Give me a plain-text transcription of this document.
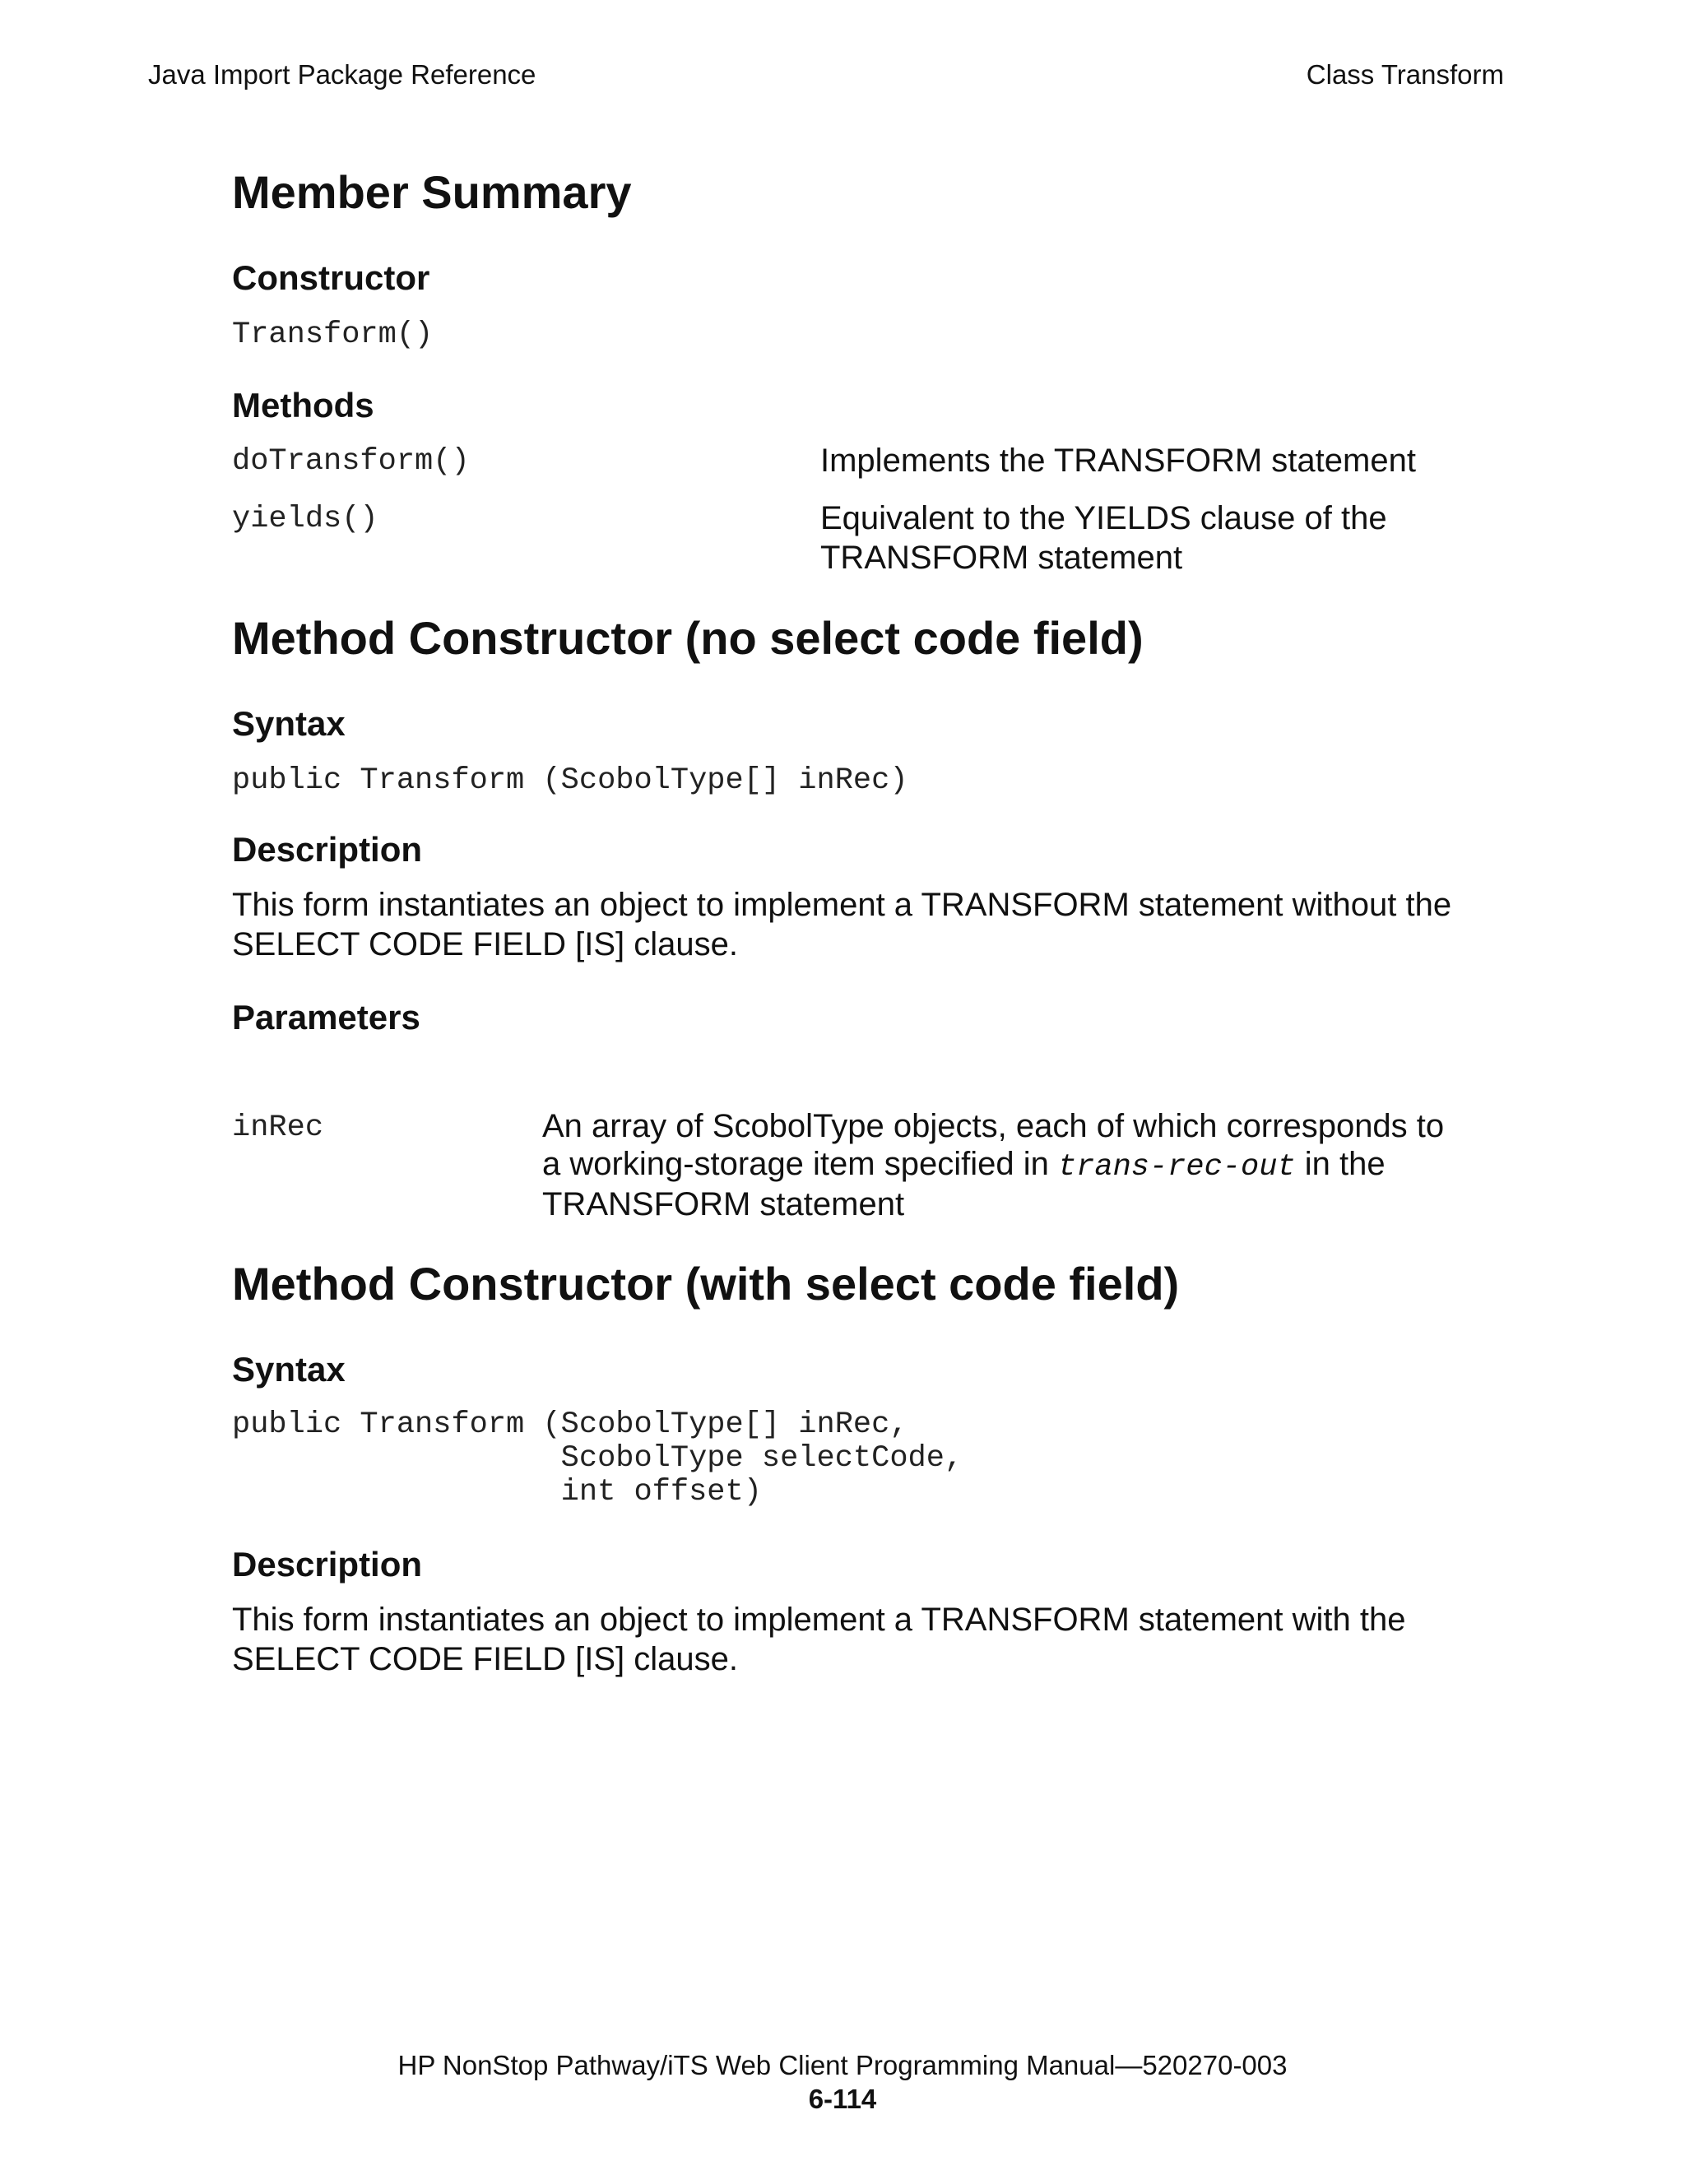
Java Import Package Reference	Class Transform
Member Summary
Constructor
Transform()
Methods
doTransform()	Implements the TRANSFORM statement
yields()	Equivalent to the YIELDS clause of the
TRANSFORM statement
Method Constructor (no select code field)
Syntax
public Transform (ScobolType[] inRec)
Description
This form instantiates an object to implement a TRANSFORM statement without the
SELECT CODE FIELD [IS] clause.
Parameters
inRec	An array of ScobolType objects, each of which corresponds to
a working-storage item specified in trans-rec-out in the
TRANSFORM statement
Method Constructor (with select code field)
Syntax
public Transform (ScobolType[] inRec,
ScobolType selectCode,
int offset)
Description
This form instantiates an object to implement a TRANSFORM statement with the
SELECT CODE FIELD [IS] clause.
HP NonStop Pathway/iTS Web Client Programming Manual—520270-003
6-114
